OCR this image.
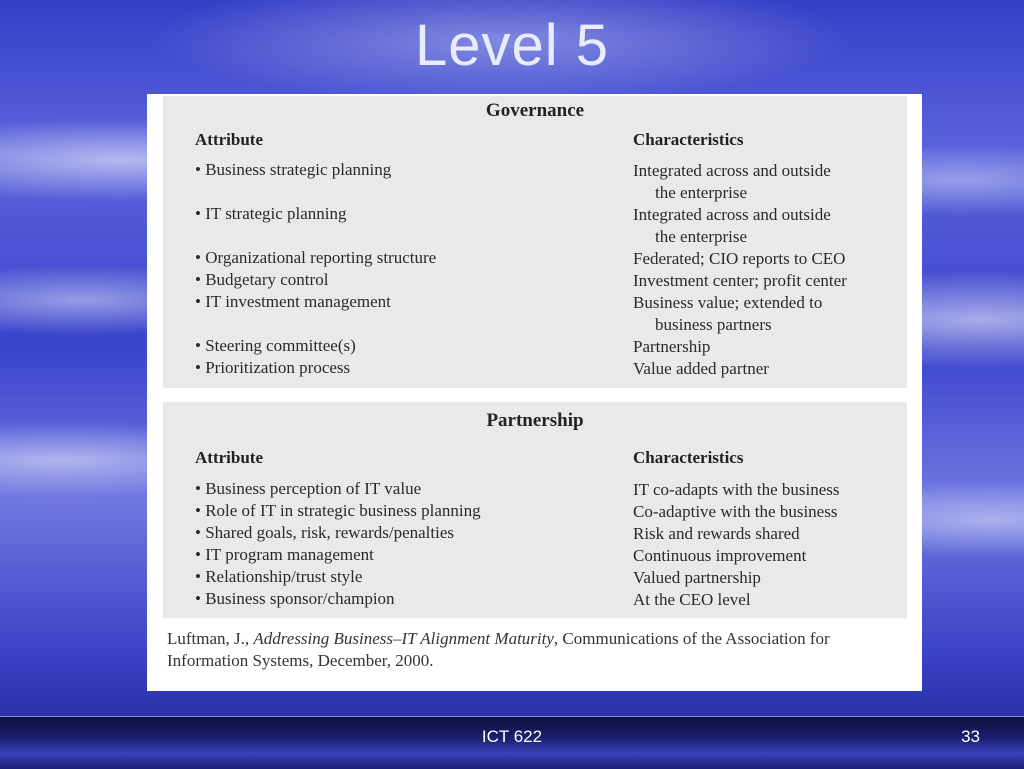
Level 5
Governance
Attribute	Characteristics
• Business strategic planning	Integrated across and outside
the enterprise
• IT strategic planning	Integrated across and outside
the enterprise
• Organizational reporting structure	Federated; CIO reports to CEO
• Budgetary control	Investment center; profit center
• IT investment management	Business value; extended to
business partners
• Steering committee(s)	Partnership
• Prioritization process	Value added partner
Partnership
Attribute	Characteristics
• Business perception of IT value	IT co-adapts with the business
• Role of IT in strategic business planning	Co-adaptive with the business
• Shared goals, risk, rewards/penalties	Risk and rewards shared
• IT program management	Continuous improvement
• Relationship/trust style	Valued partnership
• Business sponsor/champion	At the CEO level
Luftman, J., Addressing Business–IT Alignment Maturity, Communications of the Association for Information Systems, December, 2000.
ICT 622	33
